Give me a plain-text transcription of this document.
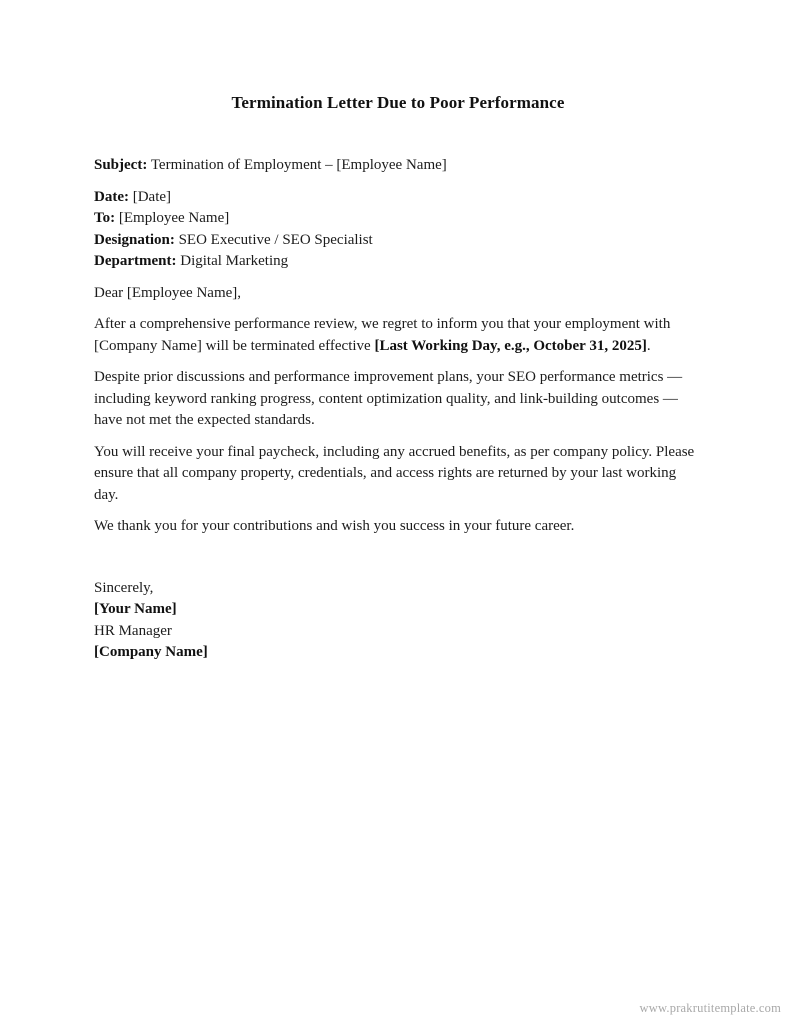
Termination Letter Due to Poor Performance

Subject: Termination of Employment – [Employee Name]

Date: [Date]
To: [Employee Name]
Designation: SEO Executive / SEO Specialist
Department: Digital Marketing

Dear [Employee Name],

After a comprehensive performance review, we regret to inform you that your employment with [Company Name] will be terminated effective [Last Working Day, e.g., October 31, 2025].

Despite prior discussions and performance improvement plans, your SEO performance metrics — including keyword ranking progress, content optimization quality, and link-building outcomes — have not met the expected standards.

You will receive your final paycheck, including any accrued benefits, as per company policy. Please ensure that all company property, credentials, and access rights are returned by your last working day.

We thank you for your contributions and wish you success in your future career.

Sincerely,
[Your Name]
HR Manager
[Company Name]
www.prakrutitemplate.com
